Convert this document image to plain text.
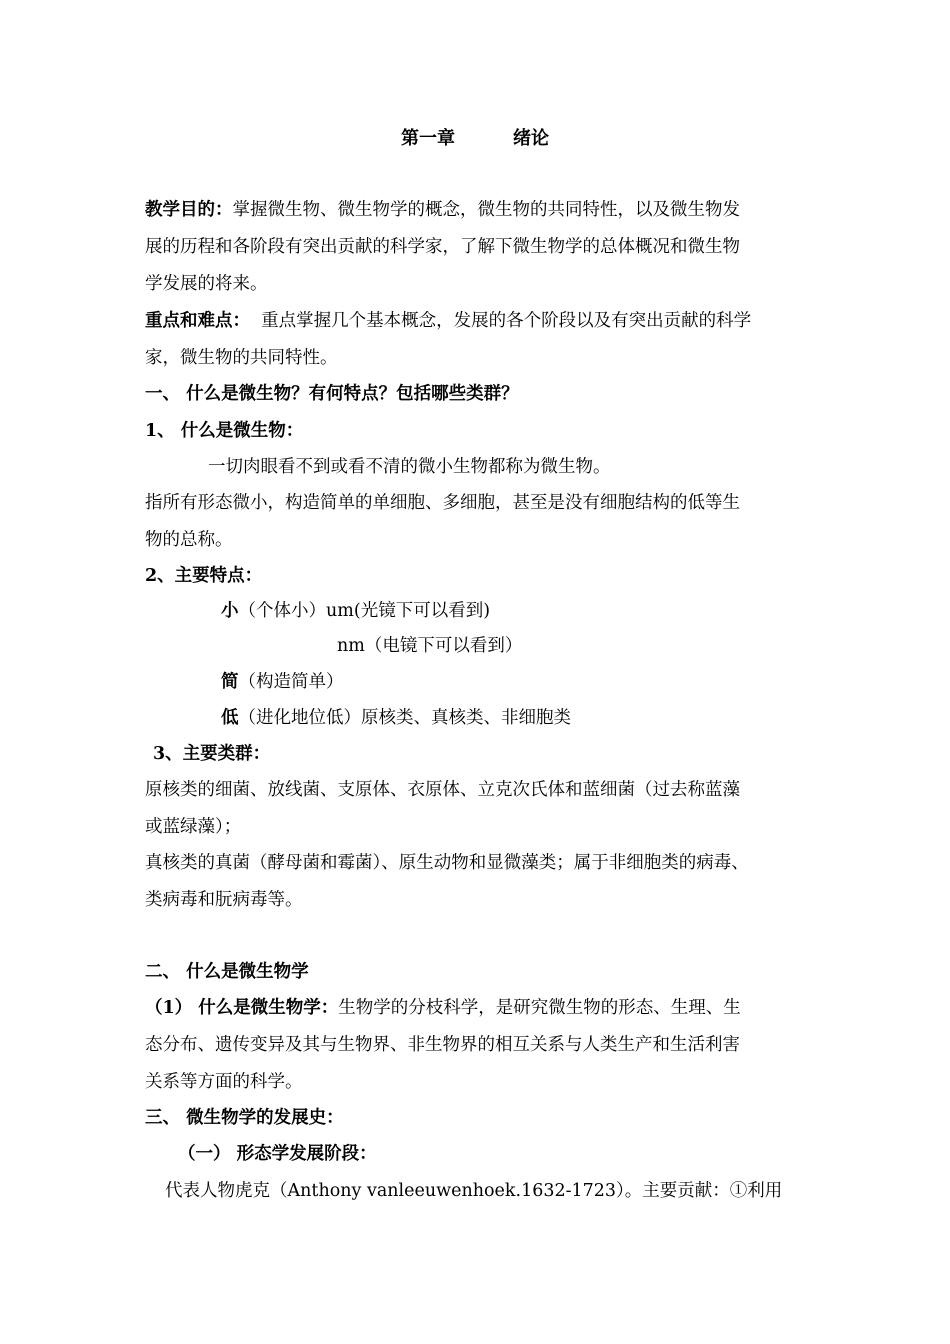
第一章	绪论
教学目的：掌握微生物、微生物学的概念，微生物的共同特性，以及微生物发
展的历程和各阶段有突出贡献的科学家，了解下微生物学的总体概况和微生物
学发展的将来。
重点和难点：  重点掌握几个基本概念，发展的各个阶段以及有突出贡献的科学
家，微生物的共同特性。
一、 什么是微生物？有何特点？包括哪些类群？
1、 什么是微生物：
一切肉眼看不到或看不清的微小生物都称为微生物。
指所有形态微小，构造简单的单细胞、多细胞，甚至是没有细胞结构的低等生
物的总称。
2、主要特点：
小（个体小）um(光镜下可以看到)
nm（电镜下可以看到）
简（构造简单）
低（进化地位低）原核类、真核类、非细胞类
3、主要类群：
原核类的细菌、放线菌、支原体、衣原体、立克次氏体和蓝细菌（过去称蓝藻
或蓝绿藻）；
真核类的真菌（酵母菌和霉菌）、原生动物和显微藻类；属于非细胞类的病毒、
类病毒和朊病毒等。
二、 什么是微生物学
（1） 什么是微生物学：生物学的分枝科学，是研究微生物的形态、生理、生
态分布、遗传变异及其与生物界、非生物界的相互关系与人类生产和生活利害
关系等方面的科学。
三、 微生物学的发展史：
（一） 形态学发展阶段：
代表人物虎克（Anthony vanleeuwenhoek.1632-1723）。主要贡献：①利用
